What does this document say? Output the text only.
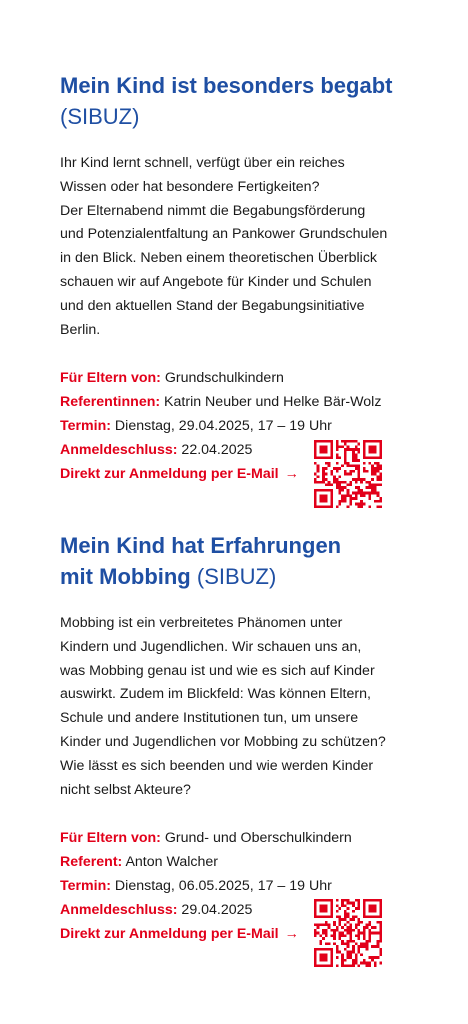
Mein Kind ist besonders begabt
(SIBUZ)

Ihr Kind lernt schnell, verfügt über ein reiches
Wissen oder hat besondere Fertigkeiten?
Der Elternabend nimmt die Begabungsförderung
und Potenzialentfaltung an Pankower Grundschulen
in den Blick. Neben einem theoretischen Überblick
schauen wir auf Angebote für Kinder und Schulen
und den aktuellen Stand der Begabungsinitiative
Berlin.

Für Eltern von: Grundschulkindern
Referentinnen: Katrin Neuber und Helke Bär-Wolz
Termin: Dienstag, 29.04.2025, 17 – 19 Uhr
Anmeldeschluss: 22.04.2025
Direkt zur Anmeldung per E-Mail →
Mein Kind hat Erfahrungen
mit Mobbing (SIBUZ)

Mobbing ist ein verbreitetes Phänomen unter
Kindern und Jugendlichen. Wir schauen uns an,
was Mobbing genau ist und wie es sich auf Kinder
auswirkt. Zudem im Blickfeld: Was können Eltern,
Schule und andere Institutionen tun, um unsere
Kinder und Jugendlichen vor Mobbing zu schützen?
Wie lässt es sich beenden und wie werden Kinder
nicht selbst Akteure?

Für Eltern von: Grund- und Oberschulkindern
Referent: Anton Walcher
Termin: Dienstag, 06.05.2025, 17 – 19 Uhr
Anmeldeschluss: 29.04.2025
Direkt zur Anmeldung per E-Mail →
